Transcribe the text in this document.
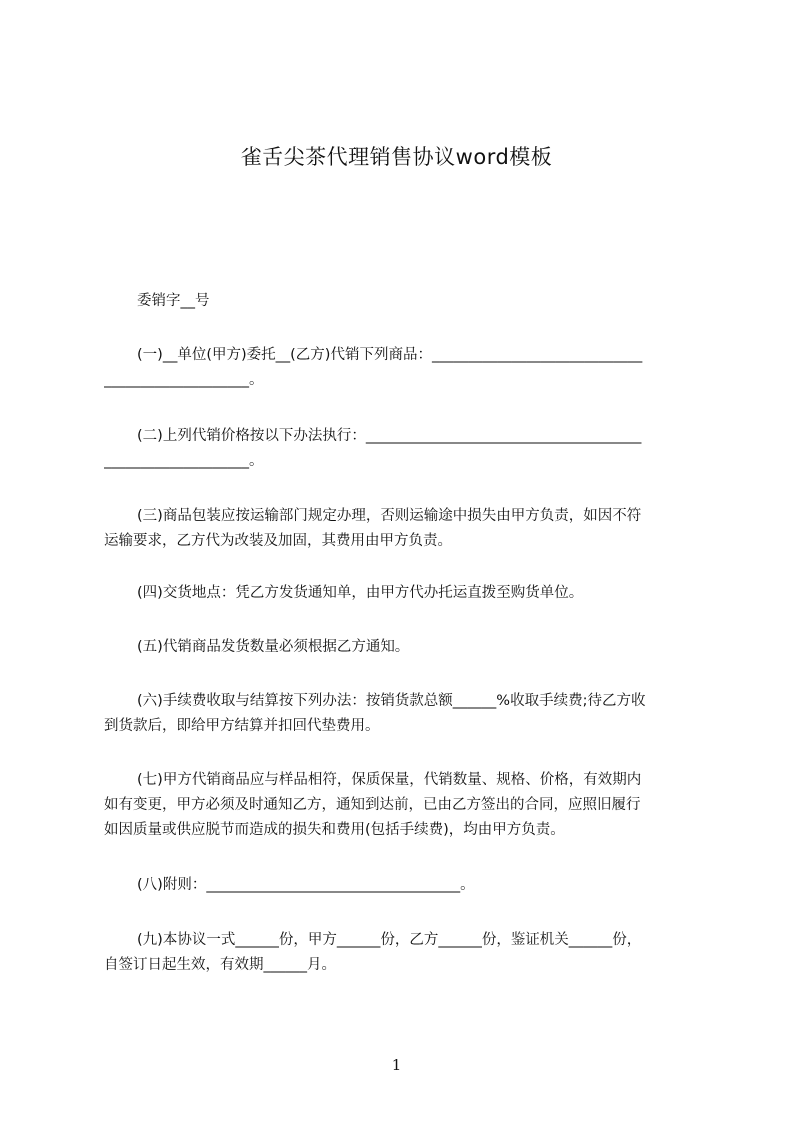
雀舌尖茶代理销售协议word模板

委销字__号

(一)__单位(甲方)委托__(乙方)代销下列商品：_____________________________
____________________。

(二)上列代销价格按以下办法执行：______________________________________
____________________。

(三)商品包装应按运输部门规定办理，否则运输途中损失由甲方负责，如因不符
运输要求，乙方代为改装及加固，其费用由甲方负责。

(四)交货地点：凭乙方发货通知单，由甲方代办托运直拨至购货单位。

(五)代销商品发货数量必须根据乙方通知。

(六)手续费收取与结算按下列办法：按销货款总额______%收取手续费;待乙方收
到货款后，即给甲方结算并扣回代垫费用。

(七)甲方代销商品应与样品相符，保质保量，代销数量、规格、价格，有效期内
如有变更，甲方必须及时通知乙方，通知到达前，已由乙方签出的合同，应照旧履行
如因质量或供应脱节而造成的损失和费用(包括手续费)，均由甲方负责。

(八)附则：___________________________________。

(九)本协议一式______份，甲方______份，乙方______份，鉴证机关______份，
自签订日起生效，有效期______月。

1
